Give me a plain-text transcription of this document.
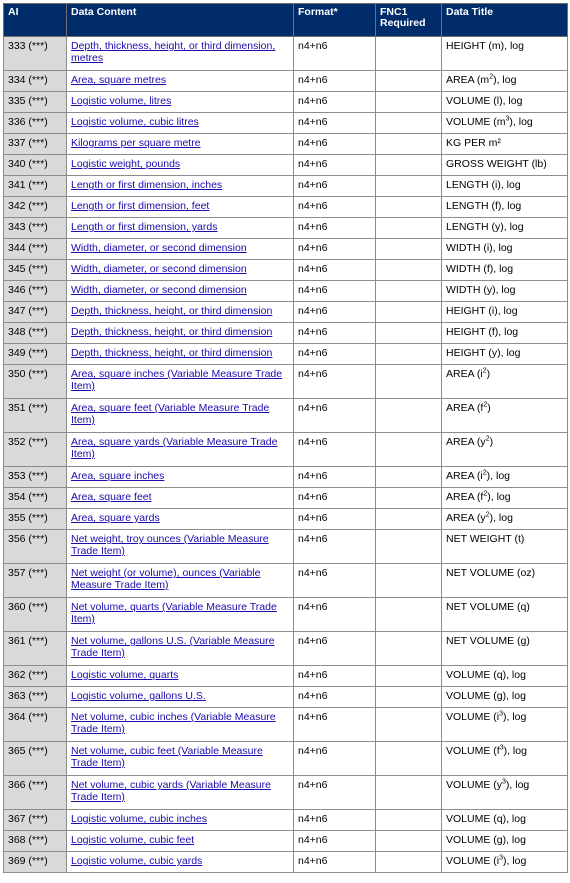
AI	Data Content	Format*	FNC1 Required	Data Title
333 (***)	Depth, thickness, height, or third dimension, metres	n4+n6		HEIGHT (m), log
334 (***)	Area, square metres	n4+n6		AREA $(m^2)$, log
335 (***)	Logistic volume, litres	n4+n6		VOLUME (l), log
336 (***)	Logistic volume, cubic litres	n4+n6		VOLUME $(m^3)$, log
337 (***)	Kilograms per square metre	n4+n6		KG PER m²
340 (***)	Logistic weight, pounds	n4+n6		GROSS WEIGHT (lb)
341 (***)	Length or first dimension, inches	n4+n6		LENGTH (i), log
342 (***)	Length or first dimension, feet	n4+n6		LENGTH (f), log
343 (***)	Length or first dimension, yards	n4+n6		LENGTH (y), log
344 (***)	Width, diameter, or second dimension	n4+n6		WIDTH (i), log
345 (***)	Width, diameter, or second dimension	n4+n6		WIDTH (f), log
346 (***)	Width, diameter, or second dimension	n4+n6		WIDTH (y), log
347 (***)	Depth, thickness, height, or third dimension	n4+n6		HEIGHT (i), log
348 (***)	Depth, thickness, height, or third dimension	n4+n6		HEIGHT (f), log
349 (***)	Depth, thickness, height, or third dimension	n4+n6		HEIGHT (y), log
350 (***)	Area, square inches (Variable Measure Trade Item)	n4+n6		AREA $(i^2)$
351 (***)	Area, square feet (Variable Measure Trade Item)	n4+n6		AREA $(f^2)$
352 (***)	Area, square yards (Variable Measure Trade Item)	n4+n6		AREA $(y^2)$
353 (***)	Area, square inches	n4+n6		AREA $(i^2)$, log
354 (***)	Area, square feet	n4+n6		AREA $(f^2)$, log
355 (***)	Area, square yards	n4+n6		AREA $(y^2)$, log
356 (***)	Net weight, troy ounces (Variable Measure Trade Item)	n4+n6		NET WEIGHT (t)
357 (***)	Net weight (or volume), ounces (Variable Measure Trade Item)	n4+n6		NET VOLUME (oz)
360 (***)	Net volume, quarts (Variable Measure Trade Item)	n4+n6		NET VOLUME (q)
361 (***)	Net volume, gallons U.S. (Variable Measure Trade Item)	n4+n6		NET VOLUME (g)
362 (***)	Logistic volume, quarts	n4+n6		VOLUME (q), log
363 (***)	Logistic volume, gallons U.S.	n4+n6		VOLUME (g), log
364 (***)	Net volume, cubic inches (Variable Measure Trade Item)	n4+n6		VOLUME $(i^3)$, log
365 (***)	Net volume, cubic feet (Variable Measure Trade Item)	n4+n6		VOLUME $(f^3)$, log
366 (***)	Net volume, cubic yards (Variable Measure Trade Item)	n4+n6		VOLUME $(y^3)$, log
367 (***)	Logistic volume, cubic inches	n4+n6		VOLUME (q), log
368 (***)	Logistic volume, cubic feet	n4+n6		VOLUME (g), log
369 (***)	Logistic volume, cubic yards	n4+n6		VOLUME $(i^3)$, log
